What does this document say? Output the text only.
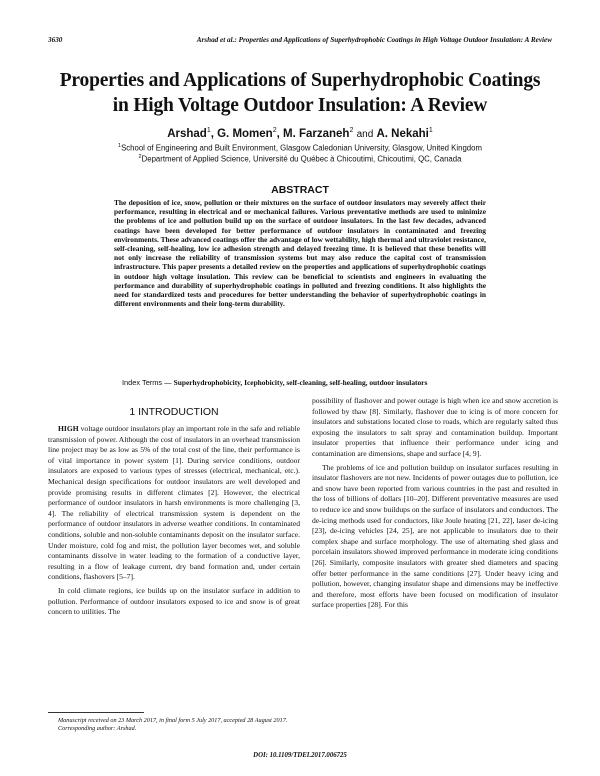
3630	Arshad et al.: Properties and Applications of Superhydrophobic Coatings in High Voltage Outdoor Insulation: A Review
Properties and Applications of Superhydrophobic Coatings
in High Voltage Outdoor Insulation: A Review
Arshad$^1$, G. Momen$^2$, M. Farzaneh$^2$ and A. Nekahi$^1$
$^1$School of Engineering and Built Environment, Glasgow Caledonian University, Glasgow, United Kingdom
$^2$Department of Applied Science, Université du Québec à Chicoutimi, Chicoutimi, QC, Canada
ABSTRACT
The deposition of ice, snow, pollution or their mixtures on the surface of outdoor insulators may severely affect their performance, resulting in electrical and or mechanical failures. Various preventative methods are used to minimize the problems of ice and pollution build up on the surface of outdoor insulators. In the last few decades, advanced coatings have been developed for better performance of outdoor insulators in contaminated and freezing environments. These advanced coatings offer the advantage of low wettability, high thermal and ultraviolet resistance, self-cleaning, self-healing, low ice adhesion strength and delayed freezing time. It is believed that these benefits will not only increase the reliability of transmission systems but may also reduce the capital cost of transmission infrastructure. This paper presents a detailed review on the properties and applications of superhydrophobic coatings in outdoor high voltage insulation. This review can be beneficial to scientists and engineers in evaluating the performance and durability of superhydrophobic coatings in polluted and freezing conditions. It also highlights the need for standardized tests and procedures for better understanding the behavior of superhydrophobic coatings in different environments and their long-term durability.
Index Terms — Superhydrophobicity, Icephobicity, self-cleaning, self-healing, outdoor insulators
1 INTRODUCTION

HIGH voltage outdoor insulators play an important role in the safe and reliable transmission of power. Although the cost of insulators in an overhead transmission line project may be as low as 5% of the total cost of the line, their performance is of vital importance in power system [1]. During service conditions, outdoor insulators are exposed to various types of stresses (electrical, mechanical, etc.). Mechanical design specifications for outdoor insulators are well developed and provide promising results in different climates [2]. However, the electrical performance of outdoor insulators in harsh environments is more challenging [3, 4]. The reliability of electrical transmission system is dependent on the performance of outdoor insulators in adverse weather conditions. In contaminated conditions, soluble and non-soluble contaminants deposit on the insulator surface. Under moisture, cold fog and mist, the pollution layer becomes wet, and soluble contaminants dissolve in water leading to the formation of a conductive layer, resulting in a flow of leakage current, dry band formation and, under certain conditions, flashovers [5–7].

In cold climate regions, ice builds up on the insulator surface in addition to pollution. Performance of outdoor insulators exposed to ice and snow is of great concern to utilities. The

possibility of flashover and power outage is high when ice and snow accretion is followed by thaw [8]. Similarly, flashover due to icing is of more concern for insulators and substations located close to roads, which are regularly salted thus exposing the insulators to salt spray and contamination buildup. Important insulator properties that influence their performance under icing and contamination are dimensions, shape and surface [4, 9].

The problems of ice and pollution buildup on insulator surfaces resulting in insulator flashovers are not new. Incidents of power outages due to pollution, ice and snow have been reported from various countries in the past and resulted in the loss of billions of dollars [10–20]. Different preventative measures are used to reduce ice and snow buildups on the surface of insulators and conductors. The de-icing methods used for conductors, like Joule heating [21, 22], laser de-icing [23], de-icing vehicles [24, 25], are not applicable to insulators due to their complex shape and surface morphology. The use of alternating shed glass and porcelain insulators showed improved performance in moderate icing conditions [26]. Similarly, composite insulators with greater shed diameters and spacing offer better performance in the same conditions [27]. Under heavy icing and pollution, however, changing insulator shape and dimensions may be ineffective and therefore, most efforts have been focused on modification of insulator surface properties [28]. For this

Manuscript received on 23 March 2017, in final form 5 July 2017, accepted 28 August 2017. Corresponding author: Arshad.
DOI: 10.1109/TDEI.2017.006725
